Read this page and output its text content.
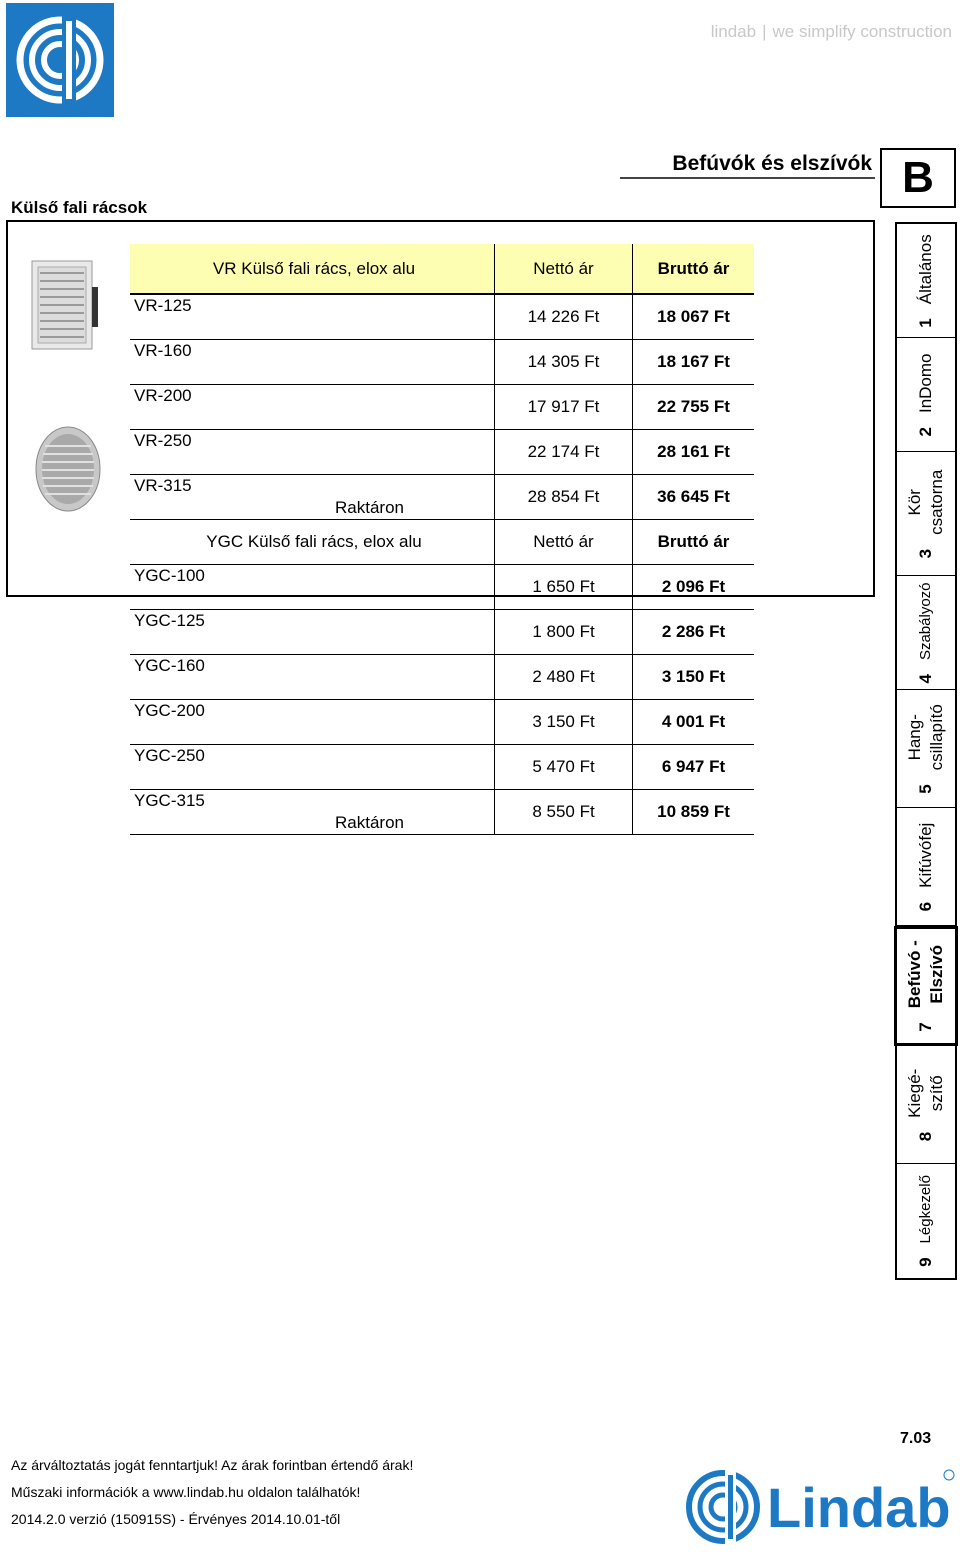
lindab | we simplify construction
Külső fali rácsok
Befúvók és elszívók B
VR Külső fali rács, elox alu	Nettó ár	Bruttó ár
VR-125	14 226 Ft	18 067 Ft
VR-160	14 305 Ft	18 167 Ft
VR-200	17 917 Ft	22 755 Ft
VR-250	22 174 Ft	28 161 Ft
VR-315Raktáron	28 854 Ft	36 645 Ft
YGC Külső fali rács, elox alu	Nettó ár	Bruttó ár
YGC-100	1 650 Ft	2 096 Ft
YGC-125	1 800 Ft	2 286 Ft
YGC-160	2 480 Ft	3 150 Ft
YGC-200	3 150 Ft	4 001 Ft
YGC-250	5 470 Ft	6 947 Ft
YGC-315Raktáron	8 550 Ft	10 859 Ft
1
Általános
2
InDomo
3
Kör csatorna
4
Szabályozó
5
Hang- csillapító
6
Kifúvófej
7
Befúvó - Elszívó
8
Kiegé- szítő
9
Légkezelő
7.03
Az árváltoztatás jogát fenntartjuk! Az árak forintban értendő árak!
Műszaki információk a www.lindab.hu oldalon találhatók!
2014.2.0 verzió (150915S) - Érvényes 2014.10.01-től	Lindab
